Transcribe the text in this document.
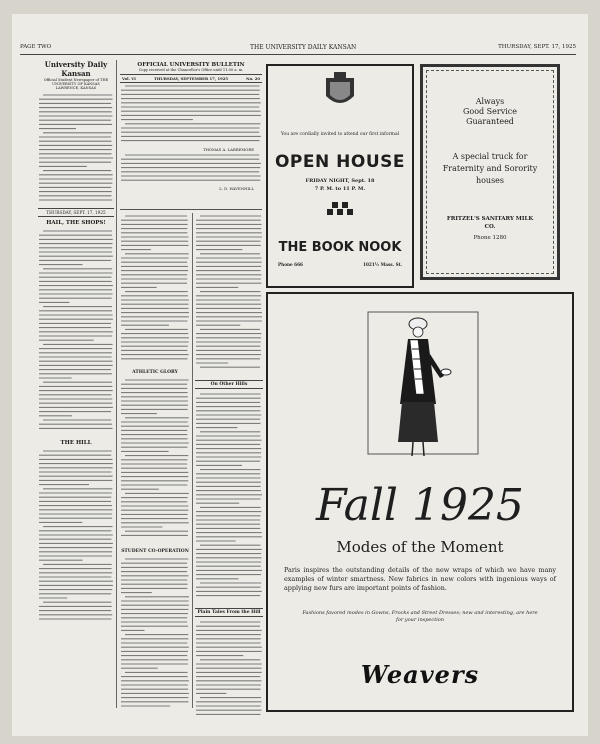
PAGE TWO	THE UNIVERSITY DAILY KANSAN	THURSDAY, SEPT. 17, 1925
University Daily Kansan
Official Student Newspaper of THE UNIVERSITY OF KANSAS
LAWRENCE, KANSAS
THURSDAY, SEPT. 17, 1925
HAIL, THE SHOPS!
THE HILL
OFFICIAL UNIVERSITY BULLETIN
Copy received at the Chancellor's Office until 11:00 a. m.
Vol. VI	THURSDAY, SEPTEMBER 17, 1925	No. 20
THOMAS A. LARREMORE
L. D. HAVENHILL
ATHLETIC GLORY
STUDENT CO-OPERATION
On Other Hills
Plain Tales From the Hill
You are cordially invited to attend our first informal
OPEN HOUSE
FRIDAY NIGHT, Sept. 18
7 P. M. to 11 P. M.
THE BOOK NOOK
Phone 666	1021½ Mass. St.
Always
Good Service
Guaranteed
A special truck for Fraternity and Sorority houses
FRITZEL'S SANITARY MILK CO.
Phone 1280
Fall 1925
Modes of the Moment
Paris inspires the outstanding details of the new wraps of which we have many examples of winter smartness. New fabrics in new colors with ingenious ways of applying new furs are important points of fashion.
Fashions favored modes in Gowns, Frocks and Street Dresses; new and interesting, are here for your inspection
Weavers
